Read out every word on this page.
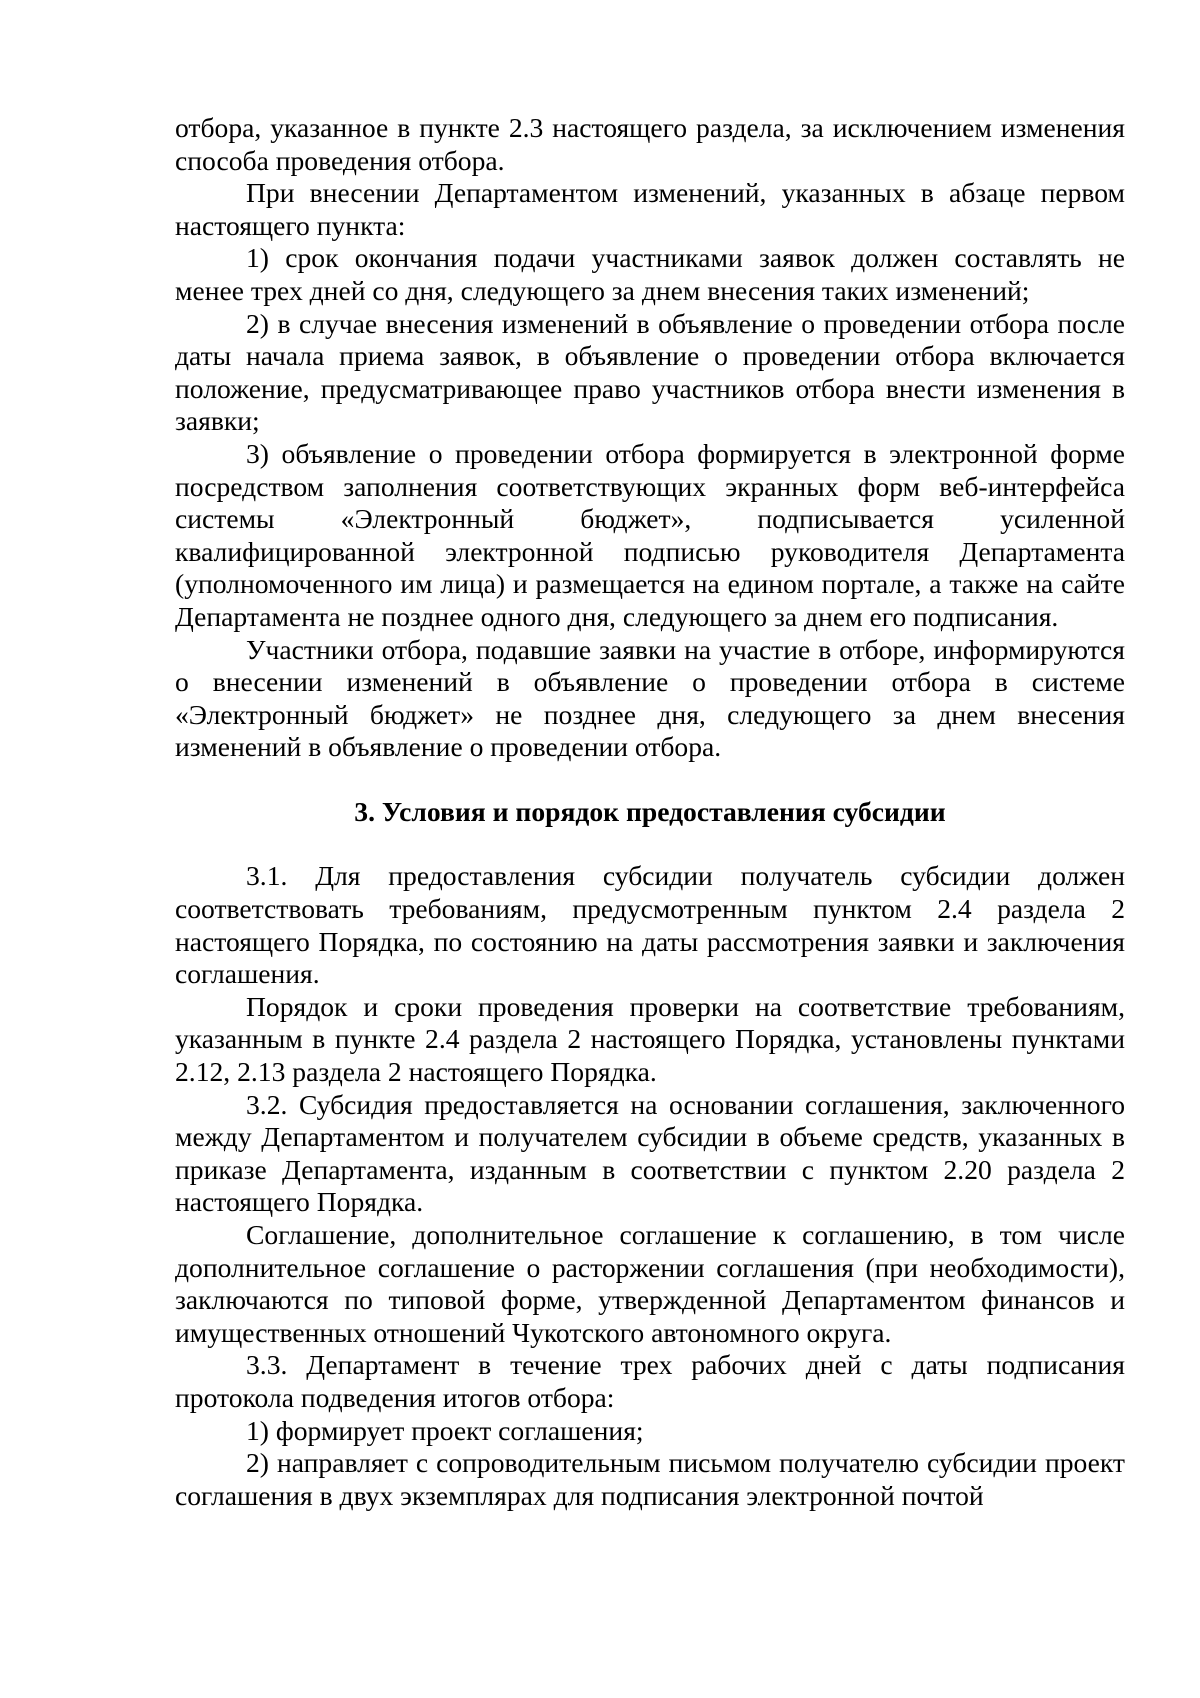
отбора, указанное в пункте 2.3 настоящего раздела, за исключением изменения способа проведения отбора.

При внесении Департаментом изменений, указанных в абзаце первом настоящего пункта:

1) срок окончания подачи участниками заявок должен составлять не менее трех дней со дня, следующего за днем внесения таких изменений;

2) в случае внесения изменений в объявление о проведении отбора после даты начала приема заявок, в объявление о проведении отбора включается положение, предусматривающее право участников отбора внести изменения в заявки;

3) объявление о проведении отбора формируется в электронной форме посредством заполнения соответствующих экранных форм веб-интерфейса системы «Электронный бюджет», подписывается усиленной квалифицированной электронной подписью руководителя Департамента (уполномоченного им лица) и размещается на едином портале, а также на сайте Департамента не позднее одного дня, следующего за днем его подписания.

Участники отбора, подавшие заявки на участие в отборе, информируются о внесении изменений в объявление о проведении отбора в системе «Электронный бюджет» не позднее дня, следующего за днем внесения изменений в объявление о проведении отбора.

3. Условия и порядок предоставления субсидии

3.1. Для предоставления субсидии получатель субсидии должен соответствовать требованиям, предусмотренным пунктом 2.4 раздела 2 настоящего Порядка, по состоянию на даты рассмотрения заявки и заключения соглашения.

Порядок и сроки проведения проверки на соответствие требованиям, указанным в пункте 2.4 раздела 2 настоящего Порядка, установлены пунктами 2.12, 2.13 раздела 2 настоящего Порядка.

3.2. Субсидия предоставляется на основании соглашения, заключенного между Департаментом и получателем субсидии в объеме средств, указанных в приказе Департамента, изданным в соответствии с пунктом 2.20 раздела 2 настоящего Порядка.

Соглашение, дополнительное соглашение к соглашению, в том числе дополнительное соглашение о расторжении соглашения (при необходимости), заключаются по типовой форме, утвержденной Департаментом финансов и имущественных отношений Чукотского автономного округа.

3.3. Департамент в течение трех рабочих дней с даты подписания протокола подведения итогов отбора:

1) формирует проект соглашения;

2) направляет с сопроводительным письмом получателю субсидии проект соглашения в двух экземплярах для подписания электронной почтой
